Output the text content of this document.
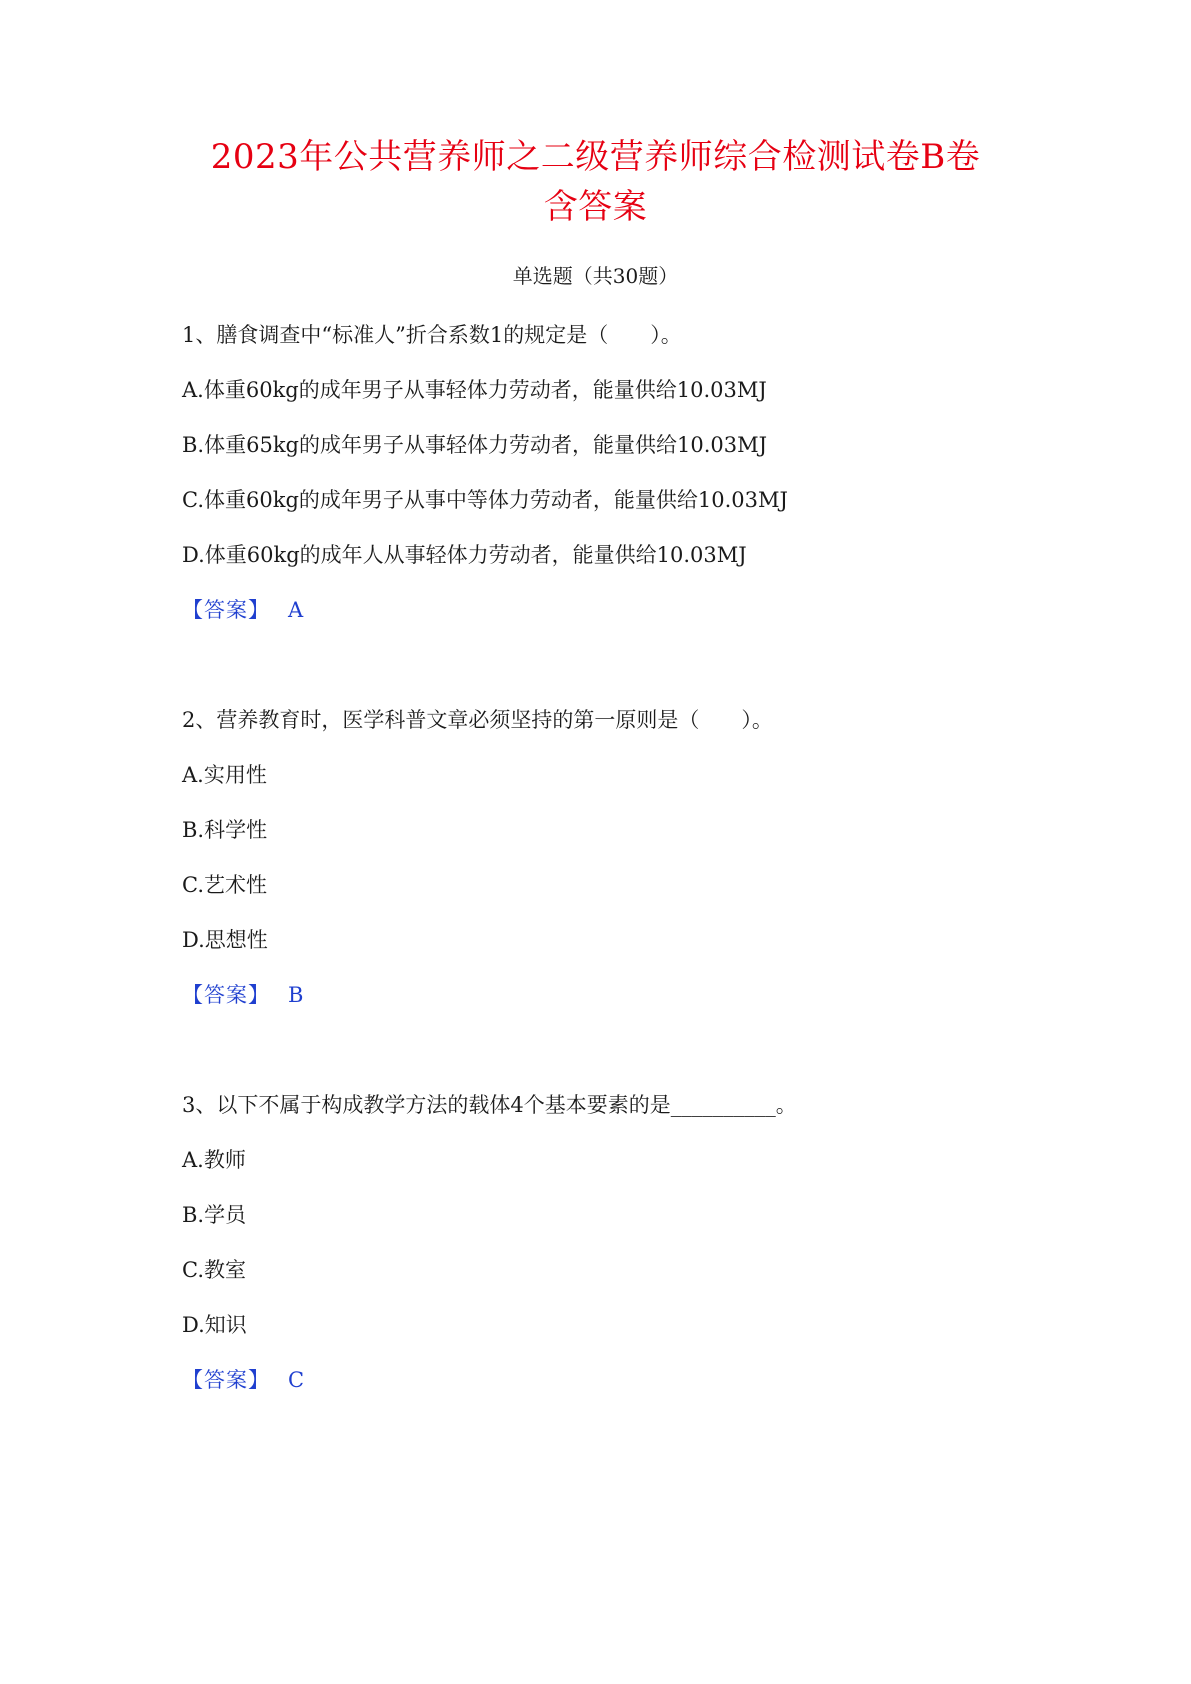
2023年公共营养师之二级营养师综合检测试卷B卷
含答案
单选题（共30题）
1、膳食调查中“标准人”折合系数1的规定是（　　）。
A.体重60kg的成年男子从事轻体力劳动者，能量供给10.03MJ
B.体重65kg的成年男子从事轻体力劳动者，能量供给10.03MJ
C.体重60kg的成年男子从事中等体力劳动者，能量供给10.03MJ
D.体重60kg的成年人从事轻体力劳动者，能量供给10.03MJ
【答案】 A
2、营养教育时，医学科普文章必须坚持的第一原则是（　　）。
A.实用性
B.科学性
C.艺术性
D.思想性
【答案】 B
3、以下不属于构成教学方法的载体4个基本要素的是__________。
A.教师
B.学员
C.教室
D.知识
【答案】 C
